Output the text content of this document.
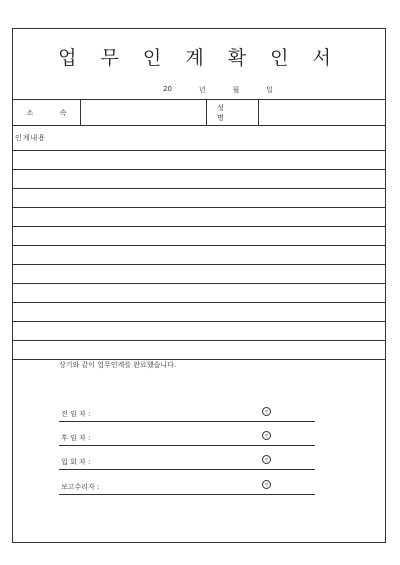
업 무 인 계 확 인 서
20	년	월	일
소 속
성 명
인계내용
상기와 같이 업무인계를 완료했습니다.
전 임 자 :	인
후 임 자 :	인
입 회 자 :	인
보고수리자 :	인
